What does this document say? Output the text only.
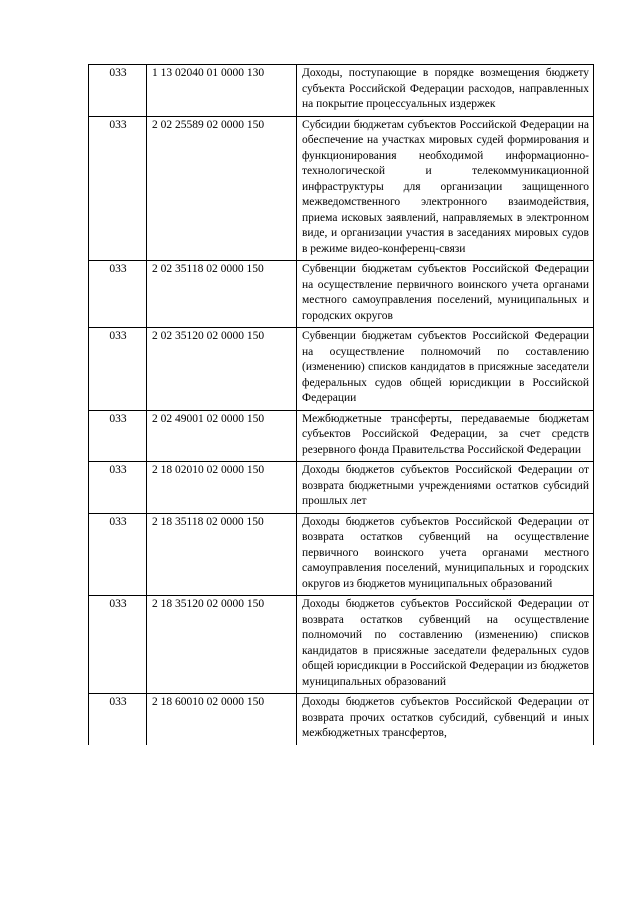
033	1 13 02040 01 0000 130	Доходы, поступающие в порядке возмещения бюджету субъекта Российской Федерации расходов, направленных на покрытие процессуальных издержек
033	2 02 25589 02 0000 150	Субсидии бюджетам субъектов Российской Федерации на обеспечение на участках мировых судей формирования и функционирования необходимой информационно-технологической и телекоммуникационной инфраструктуры для организации защищенного межведомственного электронного взаимодействия, приема исковых заявлений, направляемых в электронном виде, и организации участия в заседаниях мировых судов в режиме видео-конференц-связи
033	2 02 35118 02 0000 150	Субвенции бюджетам субъектов Российской Федерации на осуществление первичного воинского учета органами местного самоуправления поселений, муниципальных и городских округов
033	2 02 35120 02 0000 150	Субвенции бюджетам субъектов Российской Федерации на осуществление полномочий по составлению (изменению) списков кандидатов в присяжные заседатели федеральных судов общей юрисдикции в Российской Федерации
033	2 02 49001 02 0000 150	Межбюджетные трансферты, передаваемые бюджетам субъектов Российской Федерации, за счет средств резервного фонда Правительства Российской Федерации
033	2 18 02010 02 0000 150	Доходы бюджетов субъектов Российской Федерации от возврата бюджетными учреждениями остатков субсидий прошлых лет
033	2 18 35118 02 0000 150	Доходы бюджетов субъектов Российской Федерации от возврата остатков субвенций на осуществление первичного воинского учета органами местного самоуправления поселений, муниципальных и городских округов из бюджетов муниципальных образований
033	2 18 35120 02 0000 150	Доходы бюджетов субъектов Российской Федерации от возврата остатков субвенций на осуществление полномочий по составлению (изменению) списков кандидатов в присяжные заседатели федеральных судов общей юрисдикции в Российской Федерации из бюджетов муниципальных образований
033	2 18 60010 02 0000 150	Доходы бюджетов субъектов Российской Федерации от возврата прочих остатков субсидий, субвенций и иных межбюджетных трансфертов,
